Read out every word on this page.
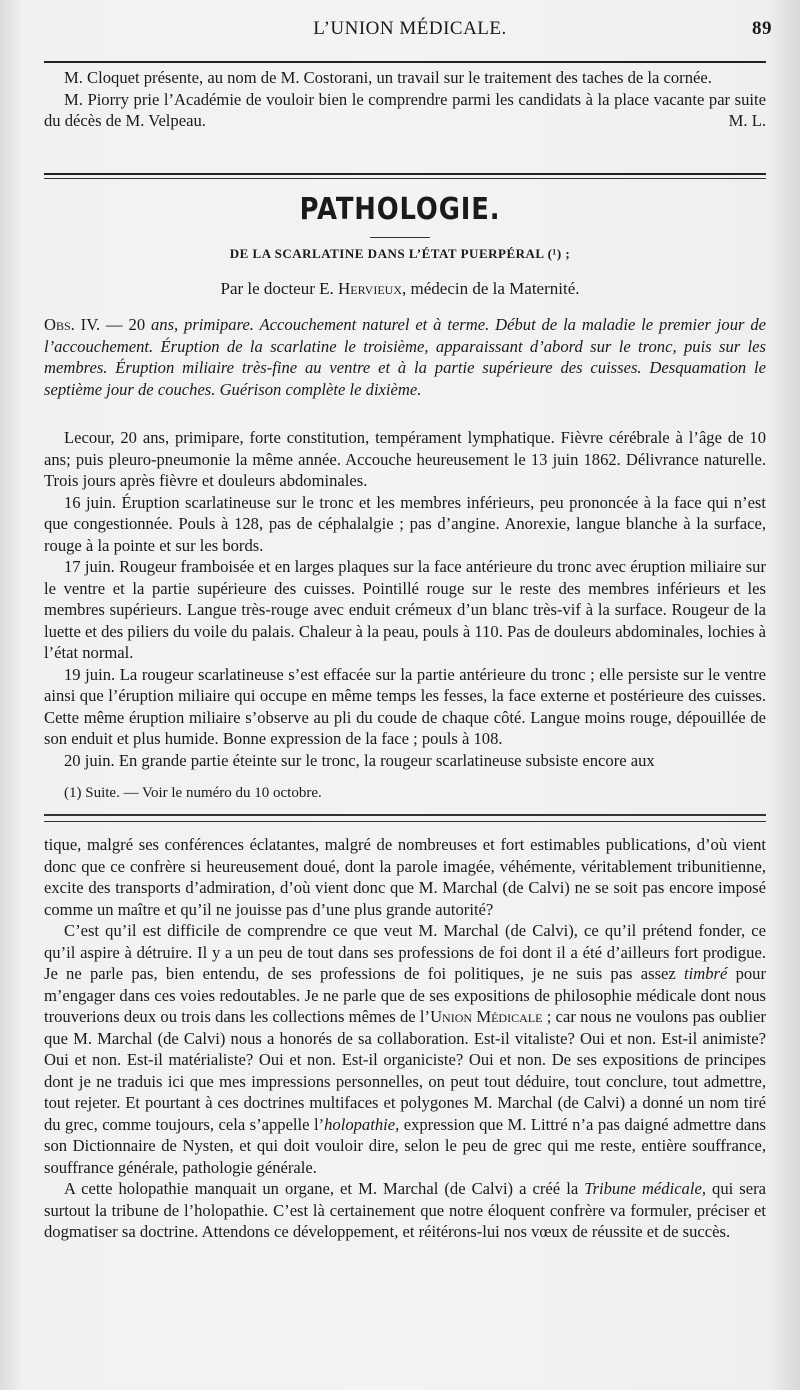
L’UNION MÉDICALE.	89

M. Cloquet présente, au nom de M. Costorani, un travail sur le traitement des taches de la cornée.

M. Piorry prie l’Académie de vouloir bien le comprendre parmi les candidats à la place vacante par suite du décès de M. Velpeau.	M. L.

PATHOLOGIE.
DE LA SCARLATINE DANS L’ÉTAT PUERPÉRAL (¹) ;
Par le docteur E. Hervieux, médecin de la Maternité.

Obs. IV. — 20 ans, primipare. Accouchement naturel et à terme. Début de la maladie le premier jour de l’accouchement. Éruption de la scarlatine le troisième, apparaissant d’abord sur le tronc, puis sur les membres. Éruption miliaire très-fine au ventre et à la partie supérieure des cuisses. Desquamation le septième jour de couches. Guérison complète le dixième.

Lecour, 20 ans, primipare, forte constitution, tempérament lymphatique. Fièvre cérébrale à l’âge de 10 ans; puis pleuro-pneumonie la même année. Accouche heureusement le 13 juin 1862. Délivrance naturelle. Trois jours après fièvre et douleurs abdominales.

16 juin. Éruption scarlatineuse sur le tronc et les membres inférieurs, peu prononcée à la face qui n’est que congestionnée. Pouls à 128, pas de céphalalgie ; pas d’angine. Anorexie, langue blanche à la surface, rouge à la pointe et sur les bords.

17 juin. Rougeur framboisée et en larges plaques sur la face antérieure du tronc avec éruption miliaire sur le ventre et la partie supérieure des cuisses. Pointillé rouge sur le reste des membres inférieurs et les membres supérieurs. Langue très-rouge avec enduit crémeux d’un blanc très-vif à la surface. Rougeur de la luette et des piliers du voile du palais. Chaleur à la peau, pouls à 110. Pas de douleurs abdominales, lochies à l’état normal.

19 juin. La rougeur scarlatineuse s’est effacée sur la partie antérieure du tronc ; elle persiste sur le ventre ainsi que l’éruption miliaire qui occupe en même temps les fesses, la face externe et postérieure des cuisses. Cette même éruption miliaire s’observe au pli du coude de chaque côté. Langue moins rouge, dépouillée de son enduit et plus humide. Bonne expression de la face ; pouls à 108.

20 juin. En grande partie éteinte sur le tronc, la rougeur scarlatineuse subsiste encore aux

(1) Suite. — Voir le numéro du 10 octobre.

tique, malgré ses conférences éclatantes, malgré de nombreuses et fort estimables publications, d’où vient donc que ce confrère si heureusement doué, dont la parole imagée, véhémente, véritablement tribunitienne, excite des transports d’admiration, d’où vient donc que M. Marchal (de Calvi) ne se soit pas encore imposé comme un maître et qu’il ne jouisse pas d’une plus grande autorité?

C’est qu’il est difficile de comprendre ce que veut M. Marchal (de Calvi), ce qu’il prétend fonder, ce qu’il aspire à détruire. Il y a un peu de tout dans ses professions de foi dont il a été d’ailleurs fort prodigue. Je ne parle pas, bien entendu, de ses professions de foi politiques, je ne suis pas assez timbré pour m’engager dans ces voies redoutables. Je ne parle que de ses expositions de philosophie médicale dont nous trouverions deux ou trois dans les collections mêmes de l’Union Médicale ; car nous ne voulons pas oublier que M. Marchal (de Calvi) nous a honorés de sa collaboration. Est-il vitaliste? Oui et non. Est-il animiste? Oui et non. Est-il matérialiste? Oui et non. Est-il organiciste? Oui et non. De ses expositions de principes dont je ne traduis ici que mes impressions personnelles, on peut tout déduire, tout conclure, tout admettre, tout rejeter. Et pourtant à ces doctrines multifaces et polygones M. Marchal (de Calvi) a donné un nom tiré du grec, comme toujours, cela s’appelle l’holopathie, expression que M. Littré n’a pas daigné admettre dans son Dictionnaire de Nysten, et qui doit vouloir dire, selon le peu de grec qui me reste, entière souffrance, souffrance générale, pathologie générale.

A cette holopathie manquait un organe, et M. Marchal (de Calvi) a créé la Tribune médicale, qui sera surtout la tribune de l’holopathie. C’est là certainement que notre éloquent confrère va formuler, préciser et dogmatiser sa doctrine. Attendons ce développement, et réitérons-lui nos vœux de réussite et de succès.
